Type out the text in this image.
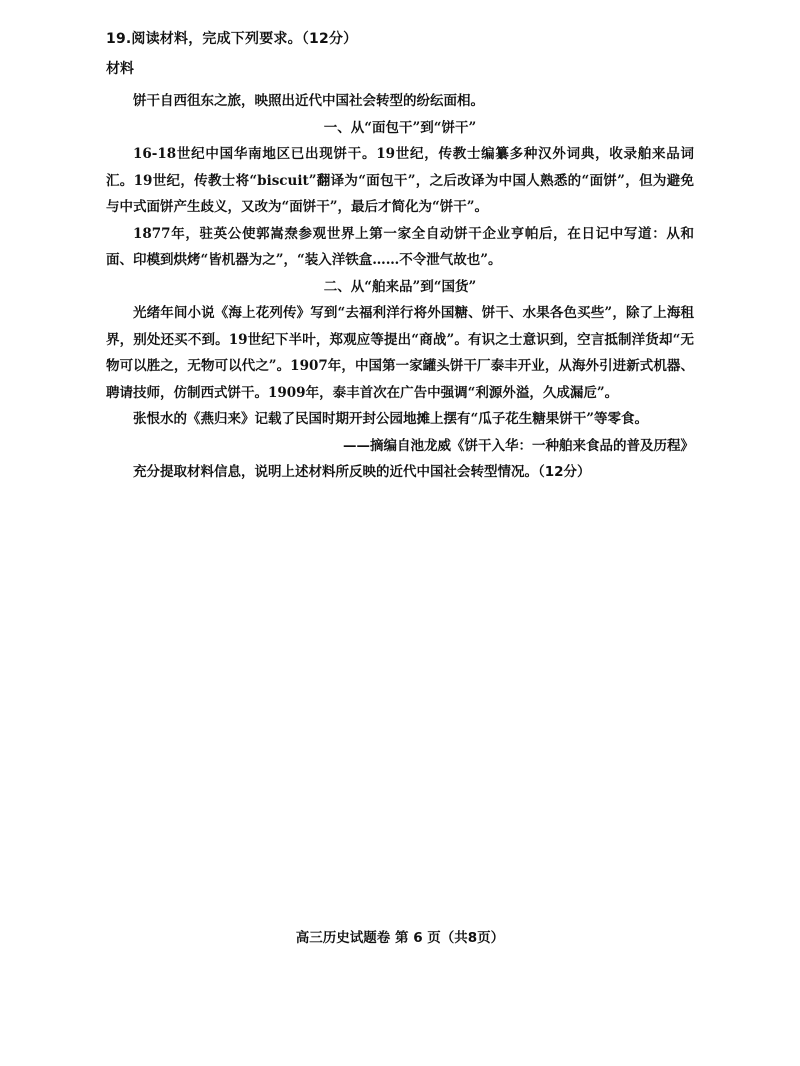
19.阅读材料，完成下列要求。（12分）
材料

饼干自西徂东之旅，映照出近代中国社会转型的纷纭面相。

一、从“面包干”到“饼干”

16-18世纪中国华南地区已出现饼干。19世纪，传教士编纂多种汉外词典，收录舶来品词汇。19世纪，传教士将“biscuit”翻译为“面包干”，之后改译为中国人熟悉的“面饼”，但为避免与中式面饼产生歧义，又改为“面饼干”，最后才简化为“饼干”。

1877年，驻英公使郭嵩焘参观世界上第一家全自动饼干企业亨帕后，在日记中写道：从和面、印模到烘烤“皆机器为之”，“装入洋铁盒……不令泄气故也”。

二、从“舶来品”到“国货”

光绪年间小说《海上花列传》写到“去福利洋行将外国糖、饼干、水果各色买些”，除了上海租界，别处还买不到。19世纪下半叶，郑观应等提出“商战”。有识之士意识到，空言抵制洋货却“无物可以胜之，无物可以代之”。1907年，中国第一家罐头饼干厂泰丰开业，从海外引进新式机器、聘请技师，仿制西式饼干。1909年，泰丰首次在广告中强调“利源外溢，久成漏卮”。

张恨水的《燕归来》记载了民国时期开封公园地摊上摆有“瓜子花生糖果饼干”等零食。

——摘编自池龙威《饼干入华：一种舶来食品的普及历程》

充分提取材料信息，说明上述材料所反映的近代中国社会转型情况。（12分）

高三历史试题卷 第 6 页（共8页）
